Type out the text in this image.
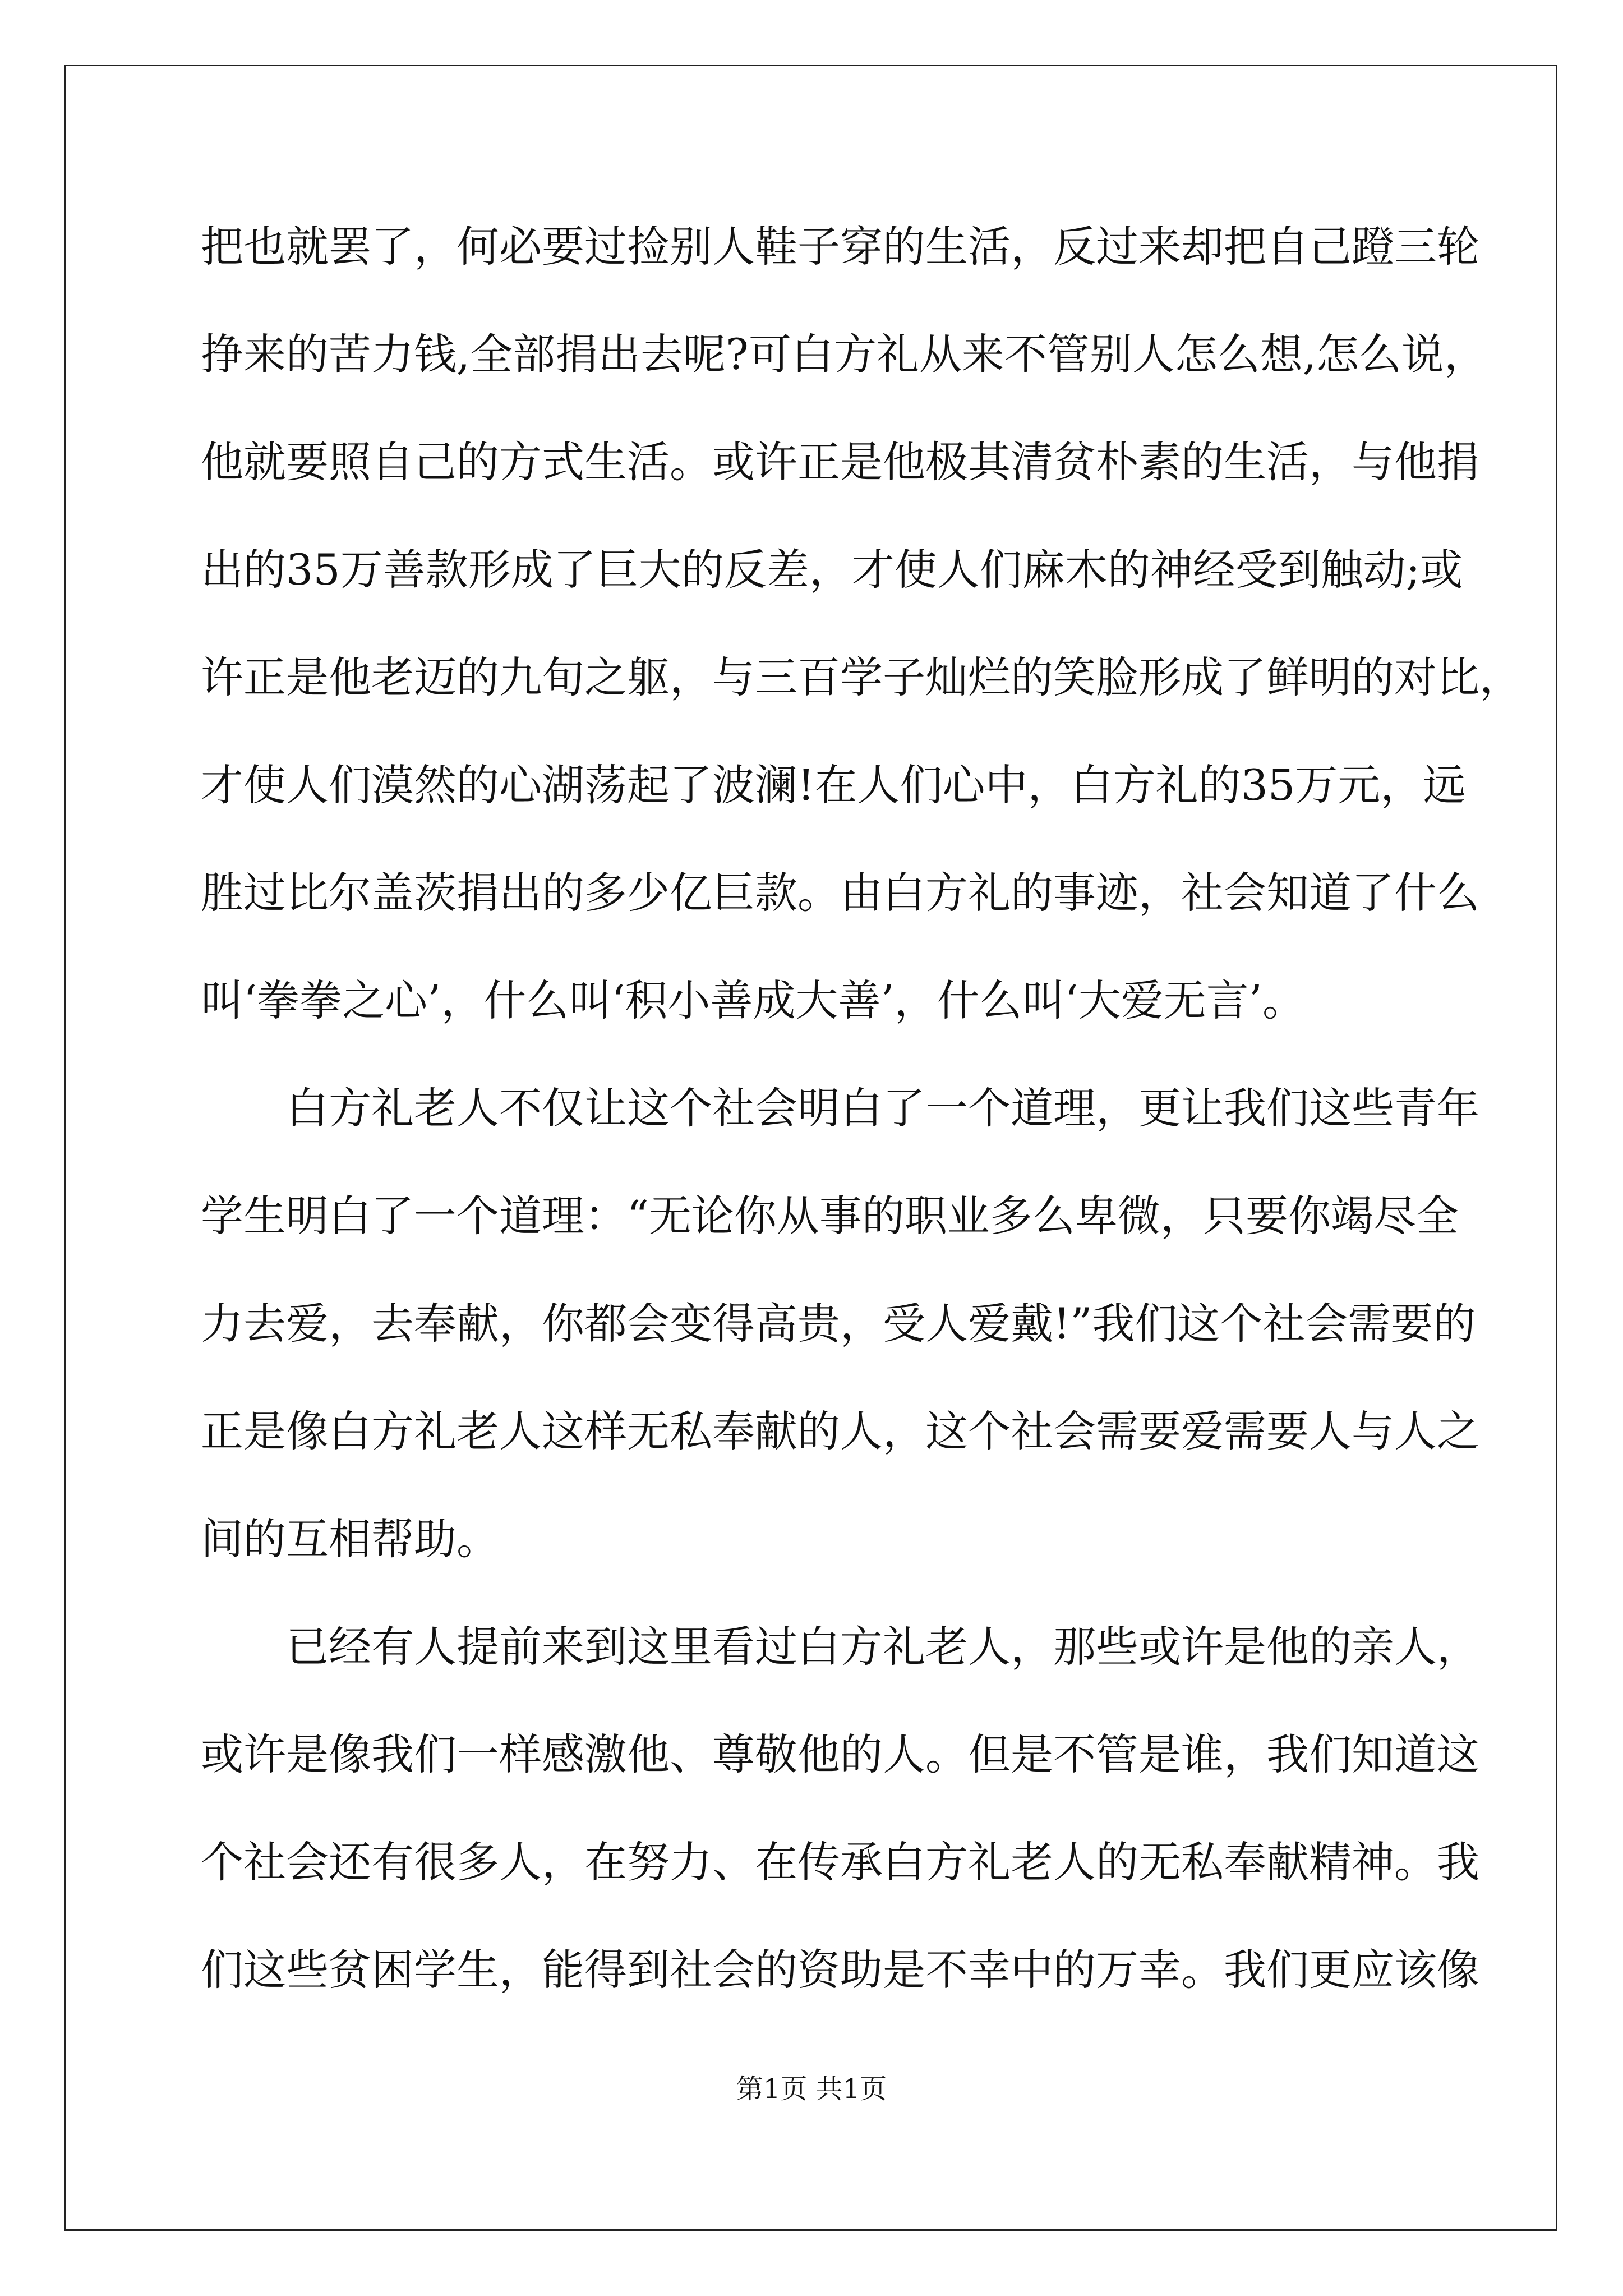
把也就罢了，何必要过捡别人鞋子穿的生活，反过来却把自己蹬三轮
挣来的苦力钱,全部捐出去呢?可白方礼从来不管别人怎么想,怎么说，
他就要照自己的方式生活。或许正是他极其清贫朴素的生活，与他捐
出的35万善款形成了巨大的反差，才使人们麻木的神经受到触动;或
许正是他老迈的九旬之躯，与三百学子灿烂的笑脸形成了鲜明的对比，
才使人们漠然的心湖荡起了波澜!在人们心中，白方礼的35万元，远
胜过比尔盖茨捐出的多少亿巨款。由白方礼的事迹，社会知道了什么
叫‘拳拳之心’，什么叫‘积小善成大善’，什么叫‘大爱无言’。
白方礼老人不仅让这个社会明白了一个道理，更让我们这些青年
学生明白了一个道理：“无论你从事的职业多么卑微，只要你竭尽全
力去爱，去奉献，你都会变得高贵，受人爱戴!”我们这个社会需要的
正是像白方礼老人这样无私奉献的人，这个社会需要爱需要人与人之
间的互相帮助。
已经有人提前来到这里看过白方礼老人，那些或许是他的亲人，
或许是像我们一样感激他、尊敬他的人。但是不管是谁，我们知道这
个社会还有很多人，在努力、在传承白方礼老人的无私奉献精神。我
们这些贫困学生，能得到社会的资助是不幸中的万幸。我们更应该像
第1页 共1页
